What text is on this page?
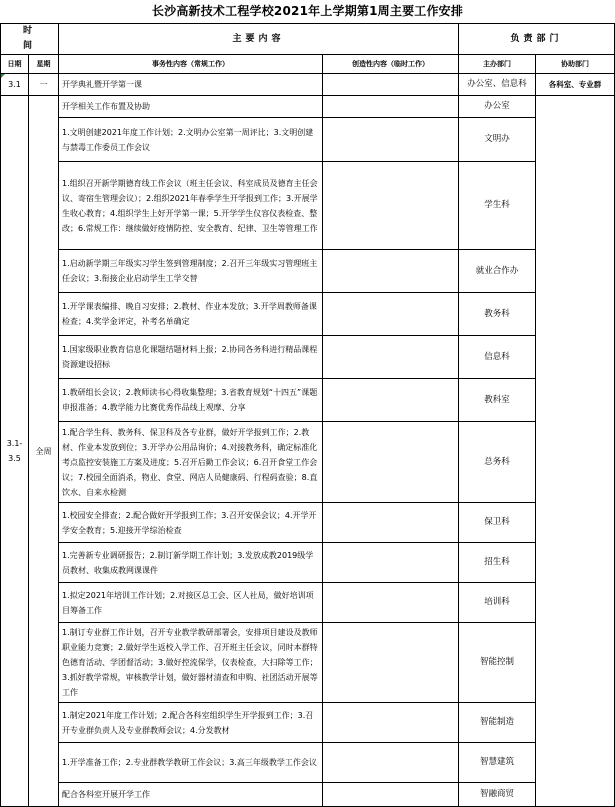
长沙高新技术工程学校2021年上学期第1周主要工作安排
时　　间		主要内容		负责部门	
日期	星期	事务性内容（常规工作）	创造性内容（临时工作）	主办部门	协助部门

3.1	一	开学典礼暨开学第一课		办公室、信息科	各科室、专业群
3.1-3.5	全周	开学相关工作布置及协助		办公室	
		1.文明创建2021年度工作计划；2.文明办公室第一周评比；3.文明创建与禁毒工作委员工作会议		文明办	
		1.组织召开新学期德育线工作会议（班主任会议、科室成员及德育主任会议、寄宿生管理会议）；2.组织2021年春季学生开学报到工作；3.开展学生收心教育；4.组织学生上好开学第一课；5.开学学生仪容仪表检查、整改；6.常规工作：继续做好疫情防控、安全教育、纪律、卫生等管理工作		学生科	
		1.启动新学期三年级实习学生签到管理制度；2.召开三年级实习管理班主任会议；3.衔接企业启动学生工学交替		就业合作办	
		1.开学课表编排、晚自习安排；2.教材、作业本发放；3.开学周教师备课检查；4.奖学金评定，补考名单确定		教务科	
		1.国家级职业教育信息化课题结题材料上报；2.协同各务科进行精品课程资源建设招标		信息科	
		1.教研组长会议；2.教师读书心得收集整理；3.省教育规划“十四五”课题申报准备；4.教学能力比赛优秀作品线上观摩、分享		教科室	
		1.配合学生科、教务科、保卫科及各专业群，做好开学报到工作；2.教材、作业本发放到位；3.开学办公用品询价；4.对接教务科，确定标准化考点监控安装施工方案及进度；5.召开后勤工作会议；6.召开食堂工作会议；7.校园全面消杀，物业、食堂、网店人员健康码、行程码查验；8.直饮水、自来水检测		总务科	
		1.校园安全排查；2.配合做好开学报到工作；3.召开安保会议；4.开学开学安全教育；5.迎接开学综治检查		保卫科	
		1.完善新专业调研报告；2.制订新学期工作计划；3.发放成教2019级学员教材、收集成教网课课件		招生科	
		1.拟定2021年培训工作计划；2.对接区总工会、区人社局，做好培训项目筹备工作		培训科	
		1.制订专业群工作计划，召开专业教学教研部署会，安排项目建设及教师职业能力竞赛；2.做好学生返校入学工作、召开班主任会议，同时本群特色德育活动、学团督活动；3.做好控流保学，仪表检查，大扫除等工作；3.抓好教学常规，审核教学计划，做好器材清查和申购、社团活动开展等工作		智能控制	
		1.制定2021年度工作计划；2.配合各科室组织学生开学报到工作；3.召开专业群负责人及专业群教师会议；4.分发教材		智能制造	
		1.开学准备工作；2.专业群教学教研工作会议；3.高三年级教学工作会议		智慧建筑	
		配合各科室开展开学工作		智融商贸	
